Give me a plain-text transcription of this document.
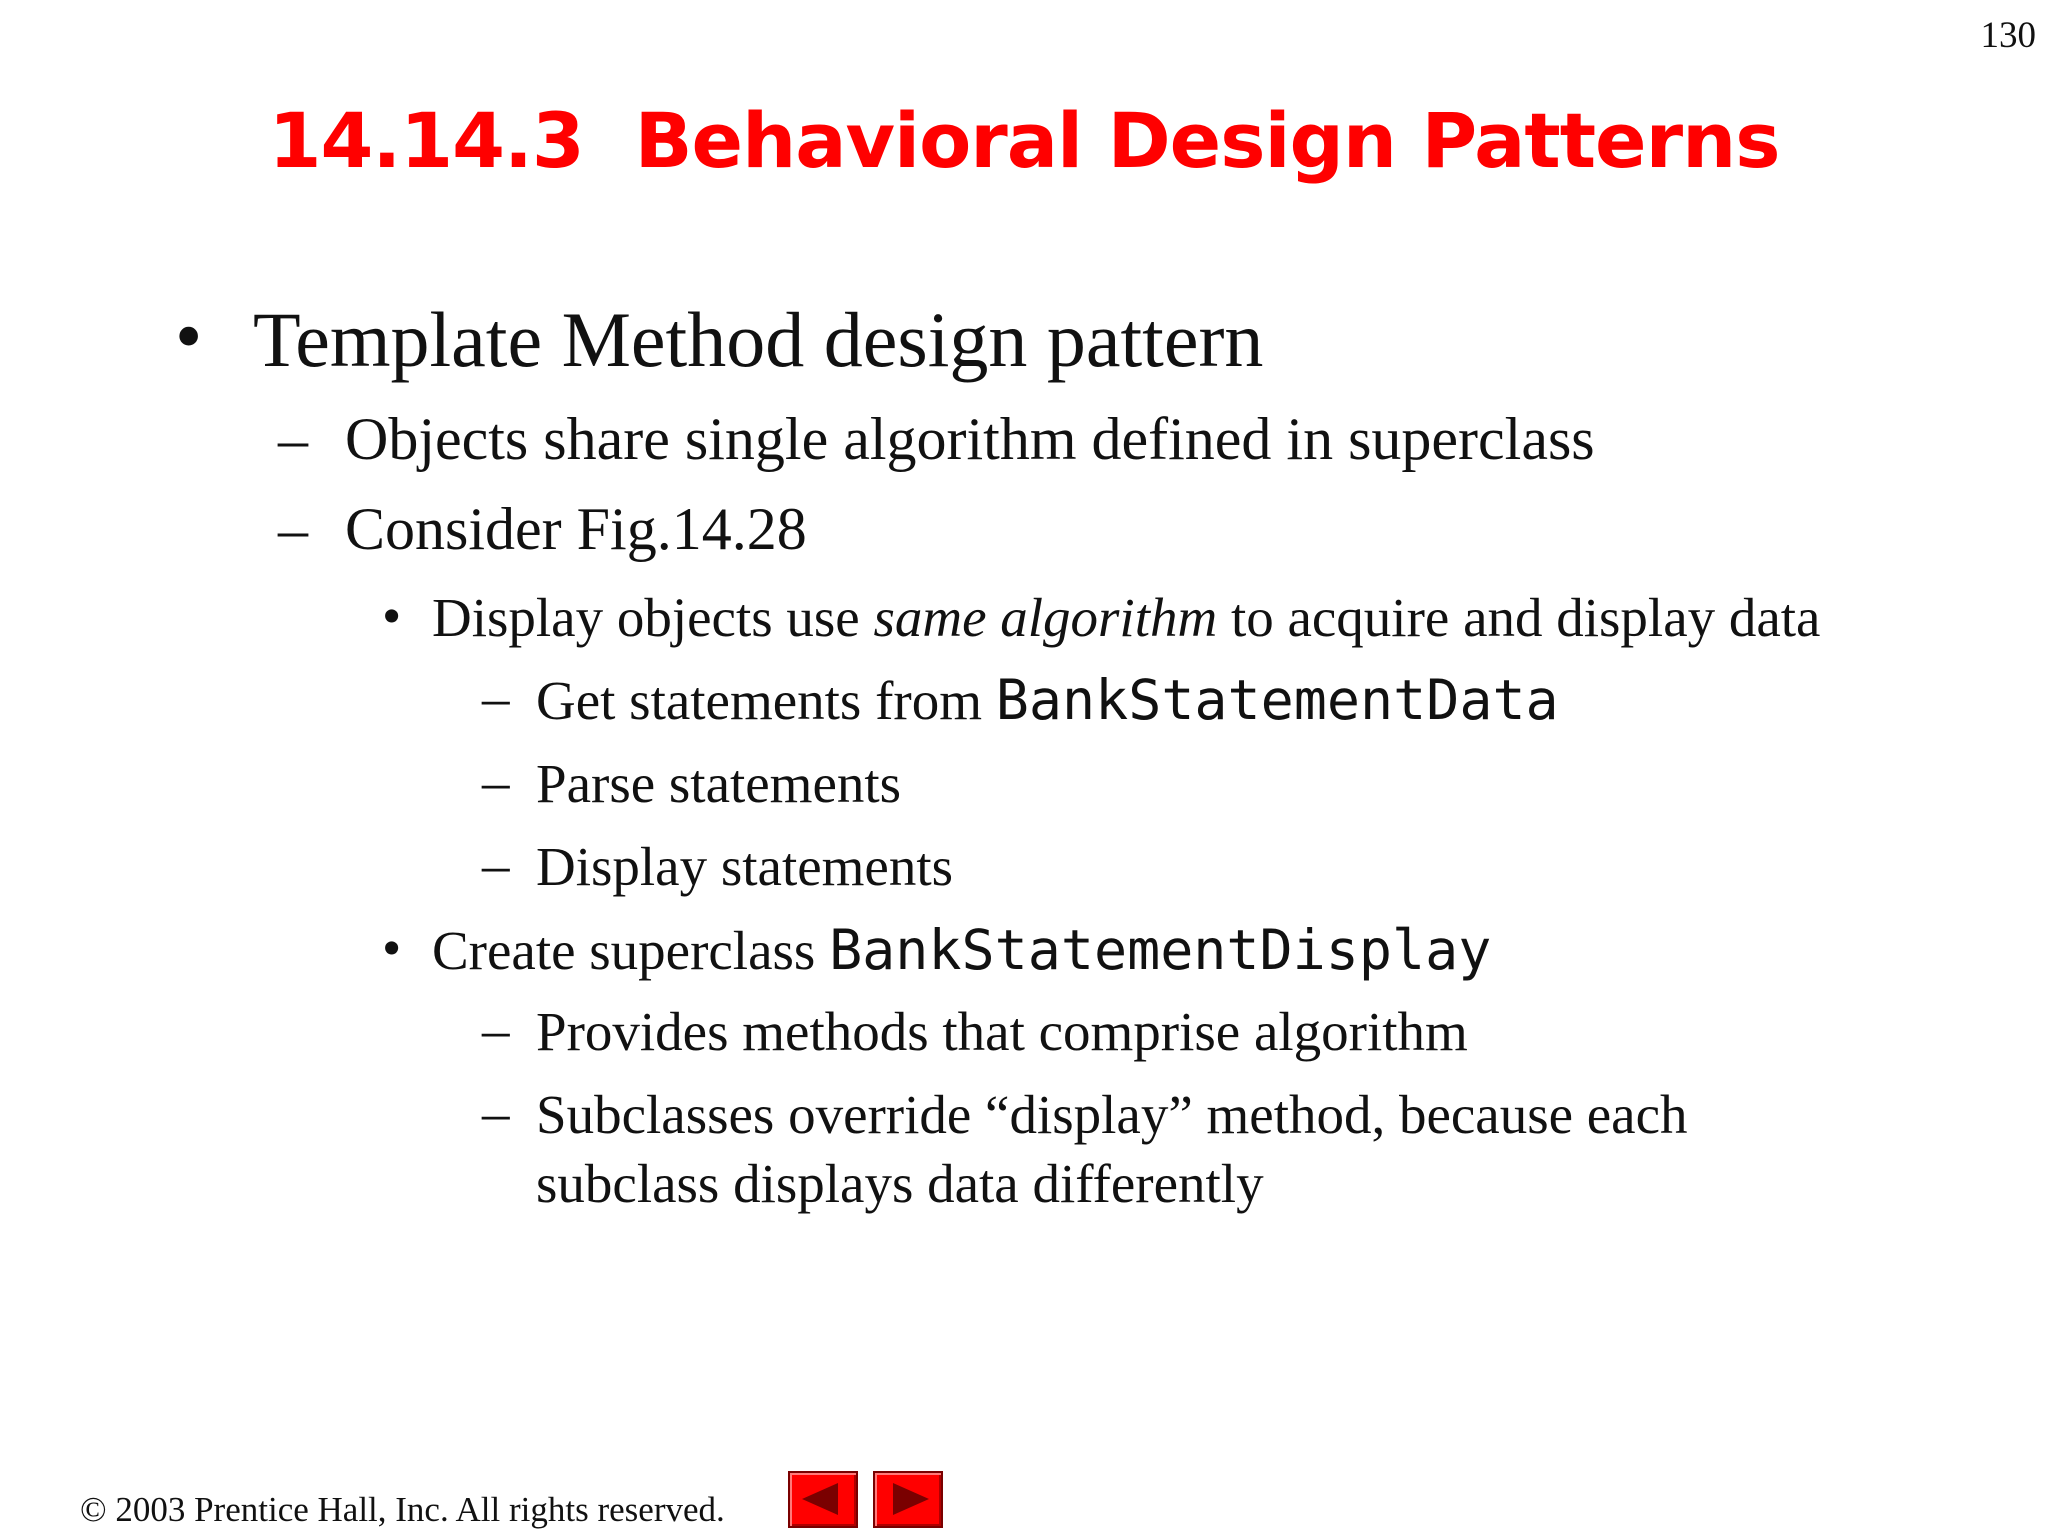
130
14.14.3  Behavioral Design Patterns
• Template Method design pattern
– Objects share single algorithm defined in superclass
– Consider Fig.14.28
• Display objects use same algorithm to acquire and display data
– Get statements from BankStatementData
– Parse statements
– Display statements
• Create superclass BankStatementDisplay
– Provides methods that comprise algorithm
– Subclasses override “display” method, because each
subclass displays data differently
© 2003 Prentice Hall, Inc. All rights reserved.
